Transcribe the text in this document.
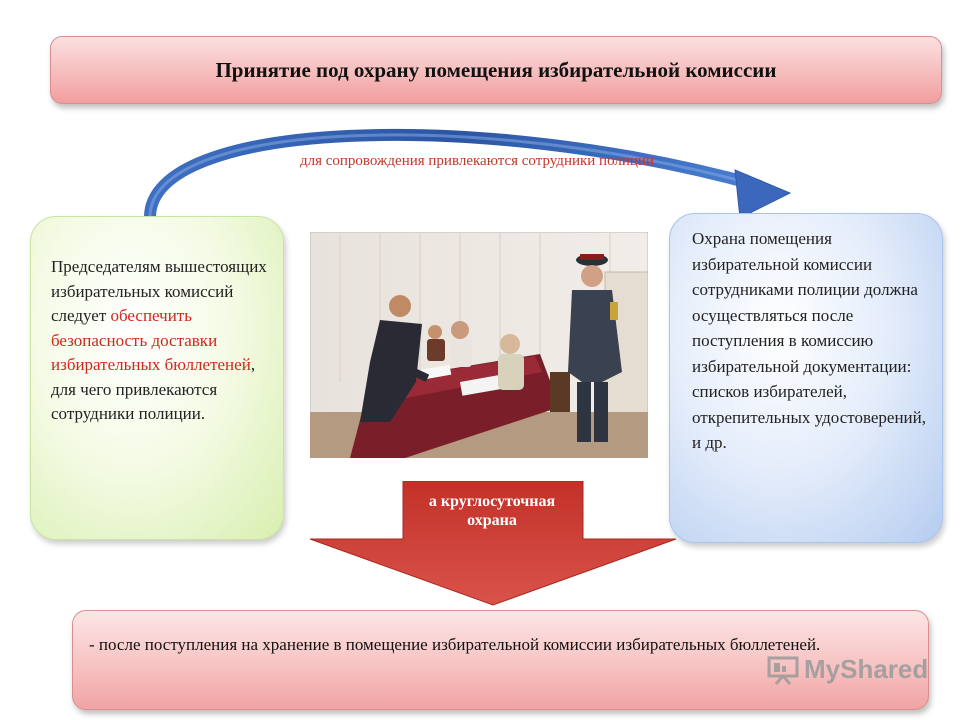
Принятие под охрану помещения избирательной комиссии
для сопровождения привлекаются сотрудники полиции

Председателям вышестоящих избирательных комиссий следует обеспечить безопасность доставки избирательных бюллетеней, для чего привлекаются сотрудники полиции.

Охрана помещения избирательной комиссии сотрудниками полиции должна осуществляться после поступления в комиссию избирательной документации: списков избирателей, открепительных удостоверений, и др.

а круглосуточная охрана

- после поступления на хранение в помещение избирательной комиссии избирательных бюллетеней.

MyShared
